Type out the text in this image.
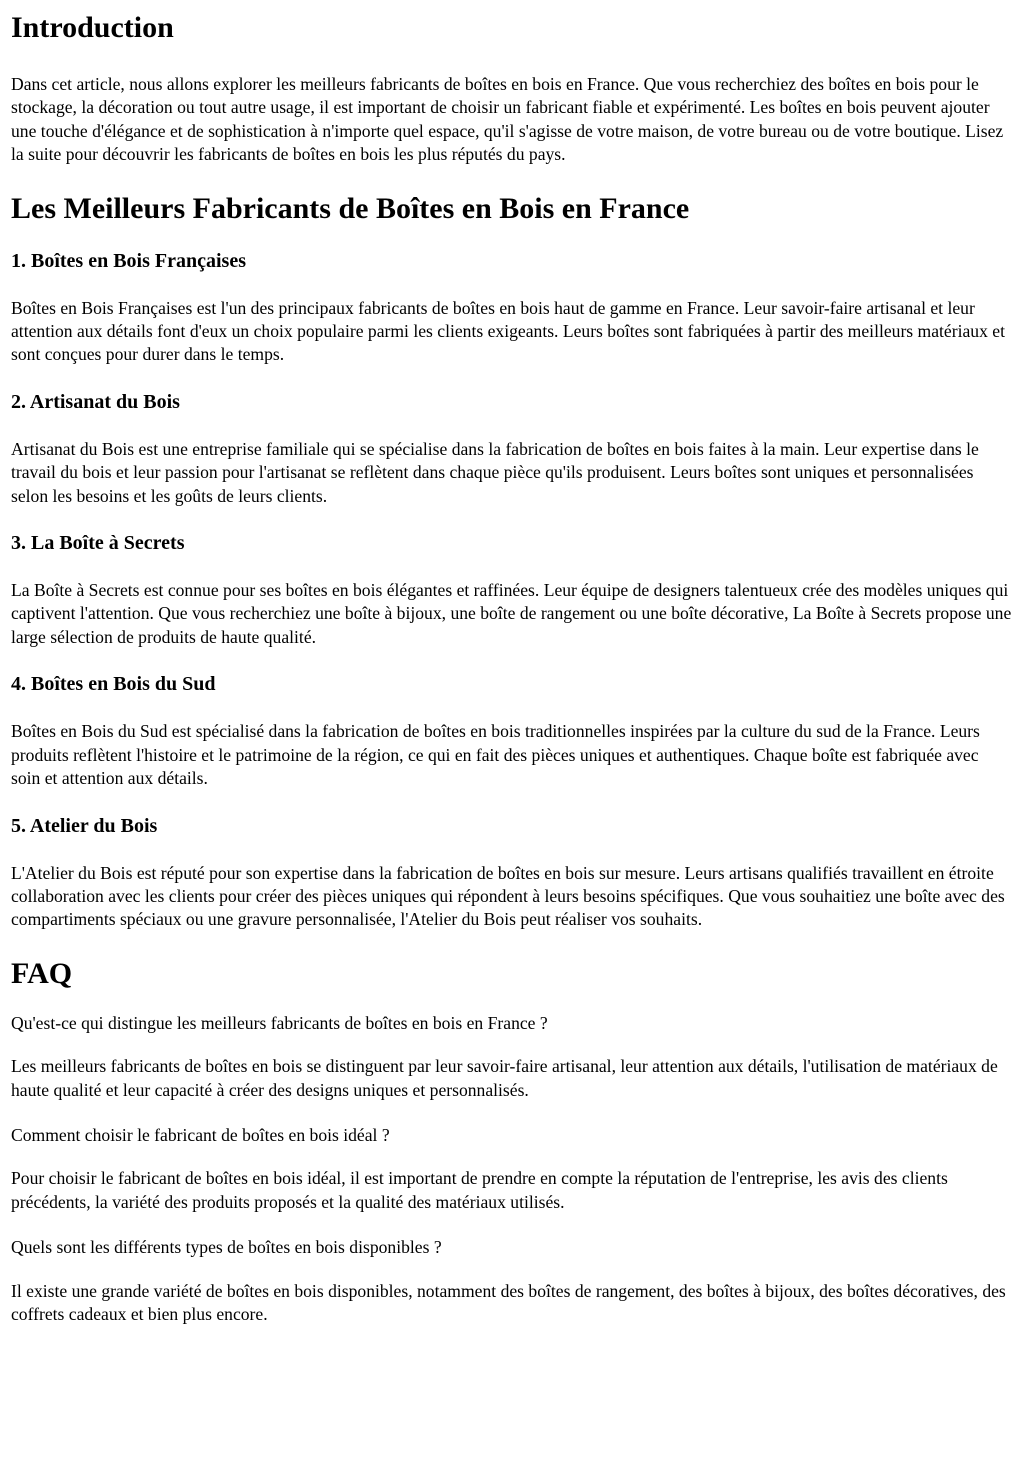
Introduction

Dans cet article, nous allons explorer les meilleurs fabricants de boîtes en bois en France. Que vous recherchiez des boîtes en bois pour le stockage, la décoration ou tout autre usage, il est important de choisir un fabricant fiable et expérimenté. Les boîtes en bois peuvent ajouter une touche d'élégance et de sophistication à n'importe quel espace, qu'il s'agisse de votre maison, de votre bureau ou de votre boutique. Lisez la suite pour découvrir les fabricants de boîtes en bois les plus réputés du pays.

Les Meilleurs Fabricants de Boîtes en Bois en France
1. Boîtes en Bois Françaises

Boîtes en Bois Françaises est l'un des principaux fabricants de boîtes en bois haut de gamme en France. Leur savoir-faire artisanal et leur attention aux détails font d'eux un choix populaire parmi les clients exigeants. Leurs boîtes sont fabriquées à partir des meilleurs matériaux et sont conçues pour durer dans le temps.

2. Artisanat du Bois

Artisanat du Bois est une entreprise familiale qui se spécialise dans la fabrication de boîtes en bois faites à la main. Leur expertise dans le travail du bois et leur passion pour l'artisanat se reflètent dans chaque pièce qu'ils produisent. Leurs boîtes sont uniques et personnalisées selon les besoins et les goûts de leurs clients.

3. La Boîte à Secrets

La Boîte à Secrets est connue pour ses boîtes en bois élégantes et raffinées. Leur équipe de designers talentueux crée des modèles uniques qui captivent l'attention. Que vous recherchiez une boîte à bijoux, une boîte de rangement ou une boîte décorative, La Boîte à Secrets propose une large sélection de produits de haute qualité.

4. Boîtes en Bois du Sud

Boîtes en Bois du Sud est spécialisé dans la fabrication de boîtes en bois traditionnelles inspirées par la culture du sud de la France. Leurs produits reflètent l'histoire et le patrimoine de la région, ce qui en fait des pièces uniques et authentiques. Chaque boîte est fabriquée avec soin et attention aux détails.

5. Atelier du Bois

L'Atelier du Bois est réputé pour son expertise dans la fabrication de boîtes en bois sur mesure. Leurs artisans qualifiés travaillent en étroite collaboration avec les clients pour créer des pièces uniques qui répondent à leurs besoins spécifiques. Que vous souhaitiez une boîte avec des compartiments spéciaux ou une gravure personnalisée, l'Atelier du Bois peut réaliser vos souhaits.

FAQ

Qu'est-ce qui distingue les meilleurs fabricants de boîtes en bois en France ?

Les meilleurs fabricants de boîtes en bois se distinguent par leur savoir-faire artisanal, leur attention aux détails, l'utilisation de matériaux de haute qualité et leur capacité à créer des designs uniques et personnalisés.

Comment choisir le fabricant de boîtes en bois idéal ?

Pour choisir le fabricant de boîtes en bois idéal, il est important de prendre en compte la réputation de l'entreprise, les avis des clients précédents, la variété des produits proposés et la qualité des matériaux utilisés.

Quels sont les différents types de boîtes en bois disponibles ?

Il existe une grande variété de boîtes en bois disponibles, notamment des boîtes de rangement, des boîtes à bijoux, des boîtes décoratives, des coffrets cadeaux et bien plus encore.
